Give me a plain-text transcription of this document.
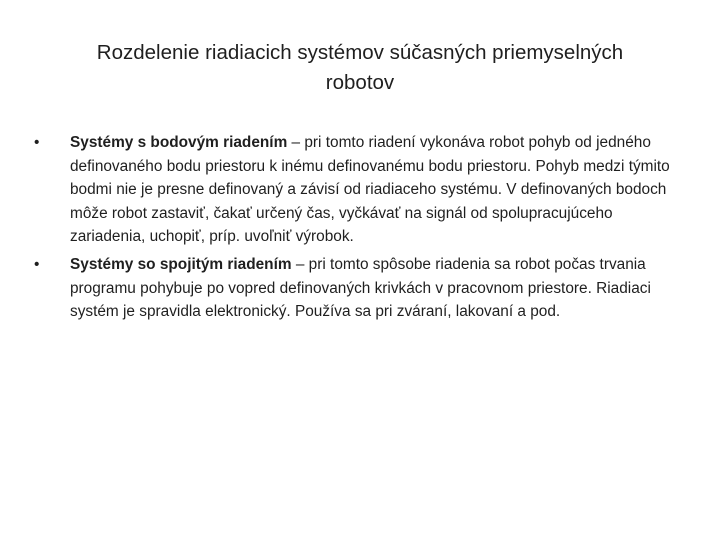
Rozdelenie riadiacich systémov súčasných priemyselných robotov
•	Systémy s bodovým riadením – pri tomto riadení vykonáva robot pohyb od jedného definovaného bodu priestoru k inému definovanému bodu priestoru. Pohyb medzi týmito bodmi nie je presne definovaný a závisí od riadiaceho systému. V definovaných bodoch môže robot zastaviť, čakať určený čas, vyčkávať na signál od spolupracujúceho zariadenia, uchopiť, príp. uvoľniť výrobok.
•	Systémy so spojitým riadením – pri tomto spôsobe riadenia sa robot počas trvania programu pohybuje po vopred definovaných krivkách v pracovnom priestore. Riadiaci systém je spravidla elektronický. Používa sa pri zváraní, lakovaní a pod.
